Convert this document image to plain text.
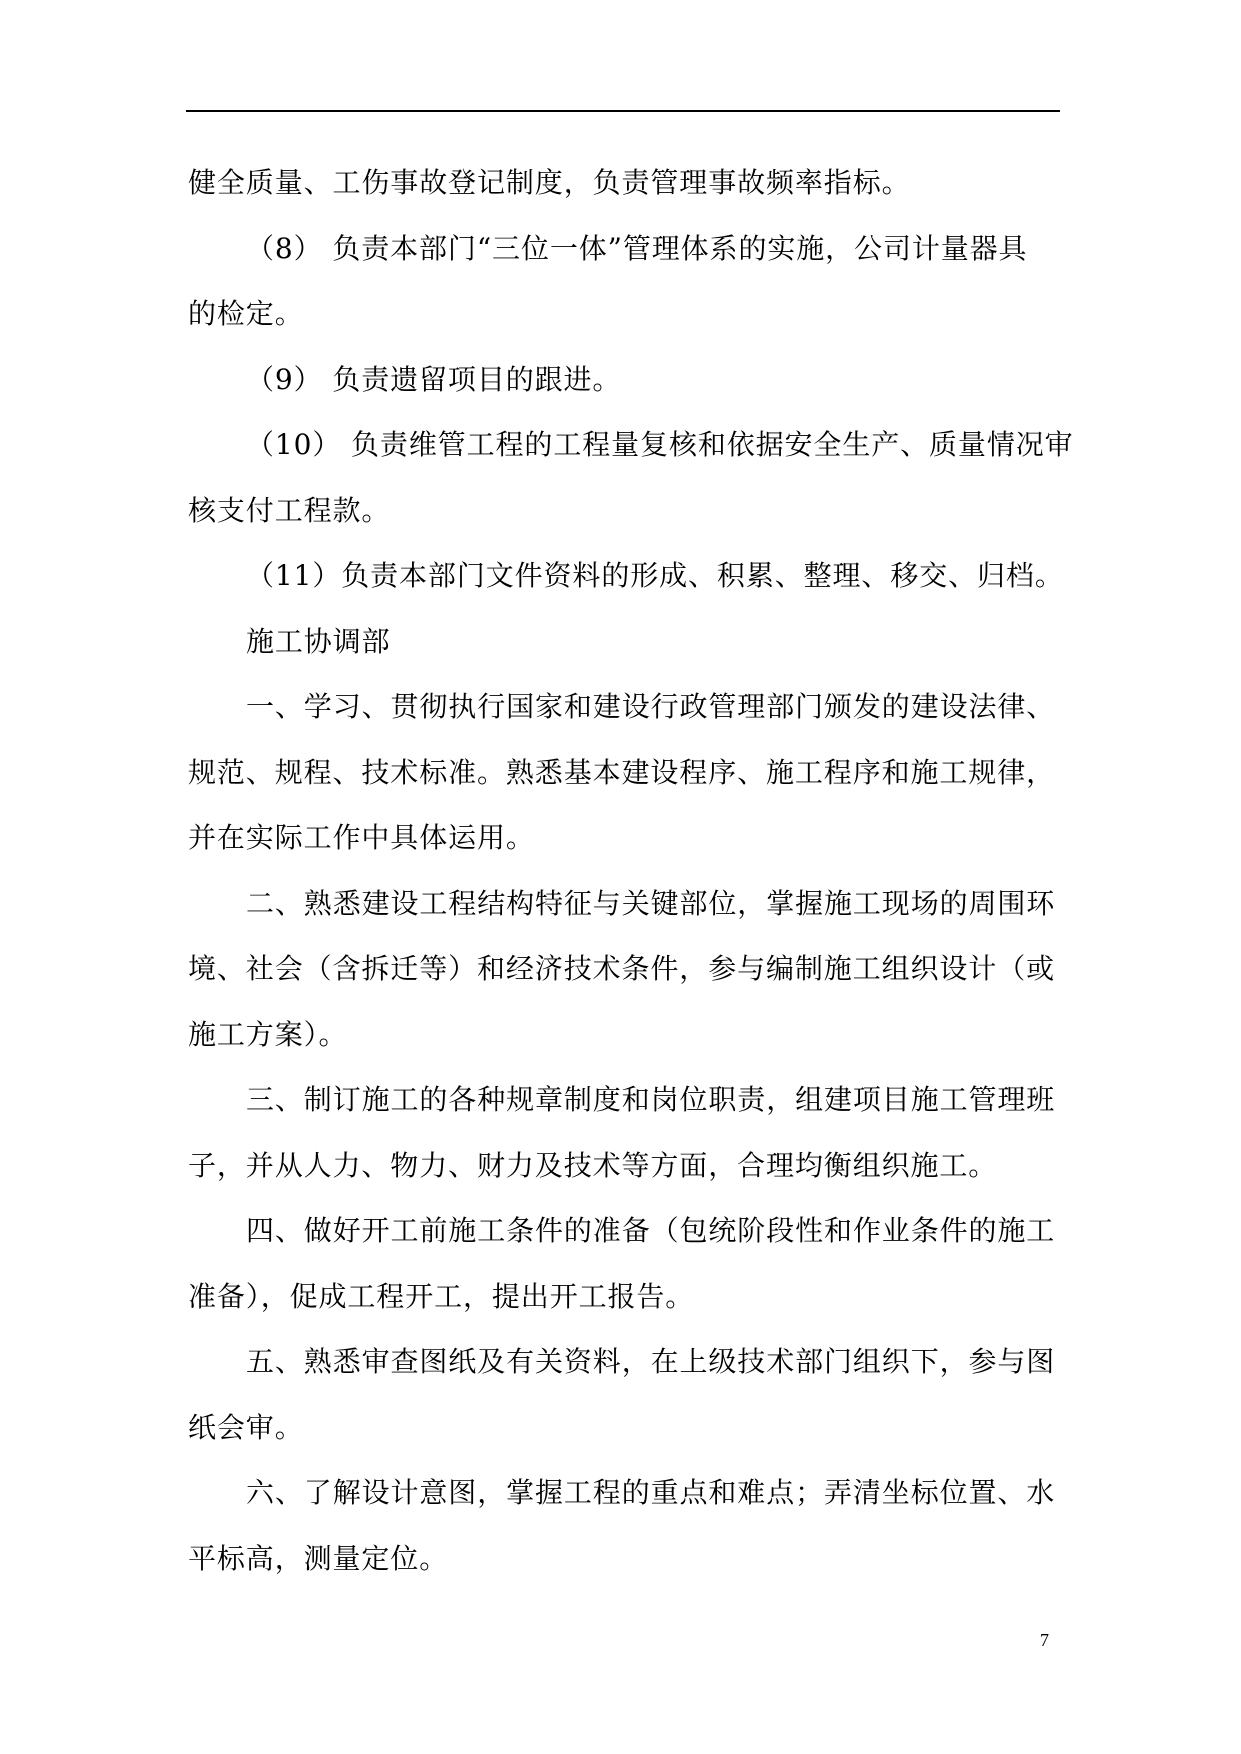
健全质量、工伤事故登记制度，负责管理事故频率指标。
（8） 负责本部门“三位一体”管理体系的实施，公司计量器具
的检定。
（9） 负责遗留项目的跟进。
（10） 负责维管工程的工程量复核和依据安全生产、质量情况审
核支付工程款。
（11）负责本部门文件资料的形成、积累、整理、移交、归档。
施工协调部
一、学习、贯彻执行国家和建设行政管理部门颁发的建设法律、
规范、规程、技术标准。熟悉基本建设程序、施工程序和施工规律，
并在实际工作中具体运用。
二、熟悉建设工程结构特征与关键部位，掌握施工现场的周围环
境、社会（含拆迁等）和经济技术条件，参与编制施工组织设计（或
施工方案）。
三、制订施工的各种规章制度和岗位职责，组建项目施工管理班
子，并从人力、物力、财力及技术等方面，合理均衡组织施工。
四、做好开工前施工条件的准备（包统阶段性和作业条件的施工
准备），促成工程开工，提出开工报告。
五、熟悉审查图纸及有关资料，在上级技术部门组织下，参与图
纸会审。
六、了解设计意图，掌握工程的重点和难点；弄清坐标位置、水
平标高，测量定位。
7
